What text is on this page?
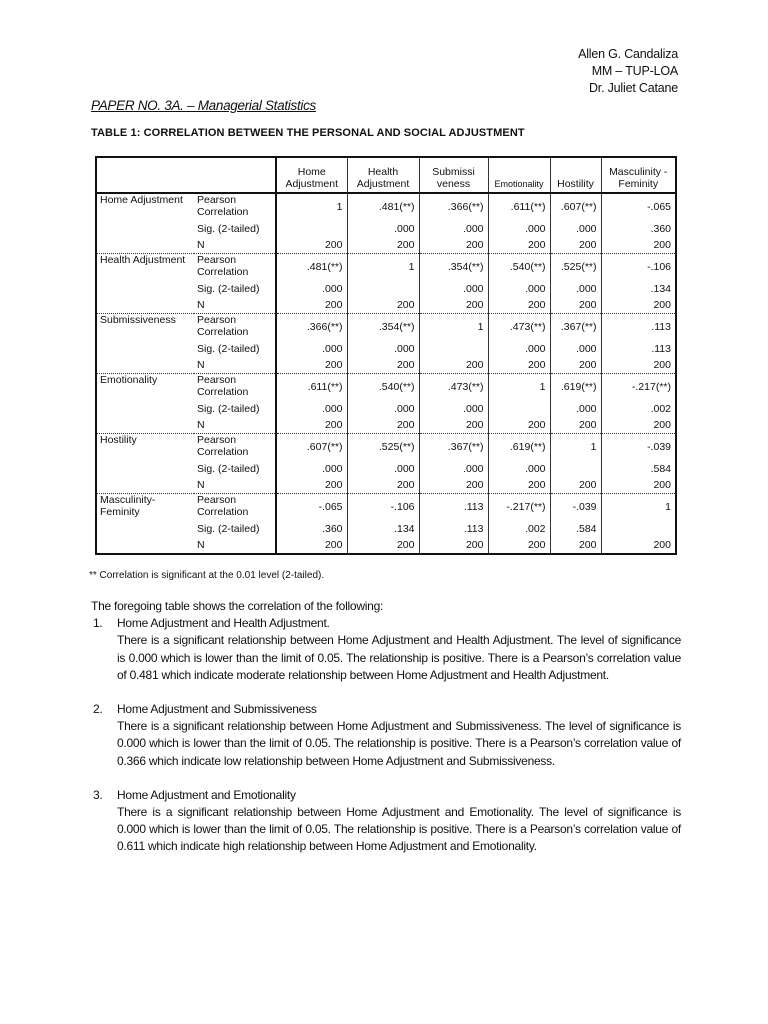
Allen G. Candaliza
MM – TUP-LOA
Dr. Juliet Catane
PAPER NO. 3A. – Managerial Statistics
TABLE 1: CORRELATION BETWEEN THE PERSONAL AND SOCIAL ADJUSTMENT
		Home Adjustment	Health Adjustment	Submissi veness	Emotionality	Hostility	Masculinity -Feminity
Home Adjustment	Pearson Correlation	1	.481(**)	.366(**)	.611(**)	.607(**)	-.065
	Sig. (2-tailed)		.000	.000	.000	.000	.360
	N	200	200	200	200	200	200
Health Adjustment	Pearson Correlation	.481(**)	1	.354(**)	.540(**)	.525(**)	-.106
	Sig. (2-tailed)	.000		.000	.000	.000	.134
	N	200	200	200	200	200	200
Submissiveness	Pearson Correlation	.366(**)	.354(**)	1	.473(**)	.367(**)	.113
	Sig. (2-tailed)	.000	.000		.000	.000	.113
	N	200	200	200	200	200	200
Emotionality	Pearson Correlation	.611(**)	.540(**)	.473(**)	1	.619(**)	-.217(**)
	Sig. (2-tailed)	.000	.000	.000		.000	.002
	N	200	200	200	200	200	200
Hostility	Pearson Correlation	.607(**)	.525(**)	.367(**)	.619(**)	1	-.039
	Sig. (2-tailed)	.000	.000	.000	.000		.584
	N	200	200	200	200	200	200
Masculinity- Feminity	Pearson Correlation	-.065	-.106	.113	-.217(**)	-.039	1
	Sig. (2-tailed)	.360	.134	.113	.002	.584	
	N	200	200	200	200	200	200
** Correlation is significant at the 0.01 level (2-tailed).

The foregoing table shows the correlation of the following:

1. Home Adjustment and Health Adjustment.
There is a significant relationship between Home Adjustment and Health Adjustment. The level of significance is 0.000 which is lower than the limit of 0.05. The relationship is positive. There is a Pearson’s correlation value of 0.481 which indicate moderate relationship between Home Adjustment and Health Adjustment.
2. Home Adjustment and Submissiveness
There is a significant relationship between Home Adjustment and Submissiveness. The level of significance is 0.000 which is lower than the limit of 0.05. The relationship is positive. There is a Pearson’s correlation value of 0.366 which indicate low relationship between Home Adjustment and Submissiveness.
3. Home Adjustment and Emotionality
There is a significant relationship between Home Adjustment and Emotionality. The level of significance is 0.000 which is lower than the limit of 0.05. The relationship is positive. There is a Pearson’s correlation value of 0.611 which indicate high relationship between Home Adjustment and Emotionality.
